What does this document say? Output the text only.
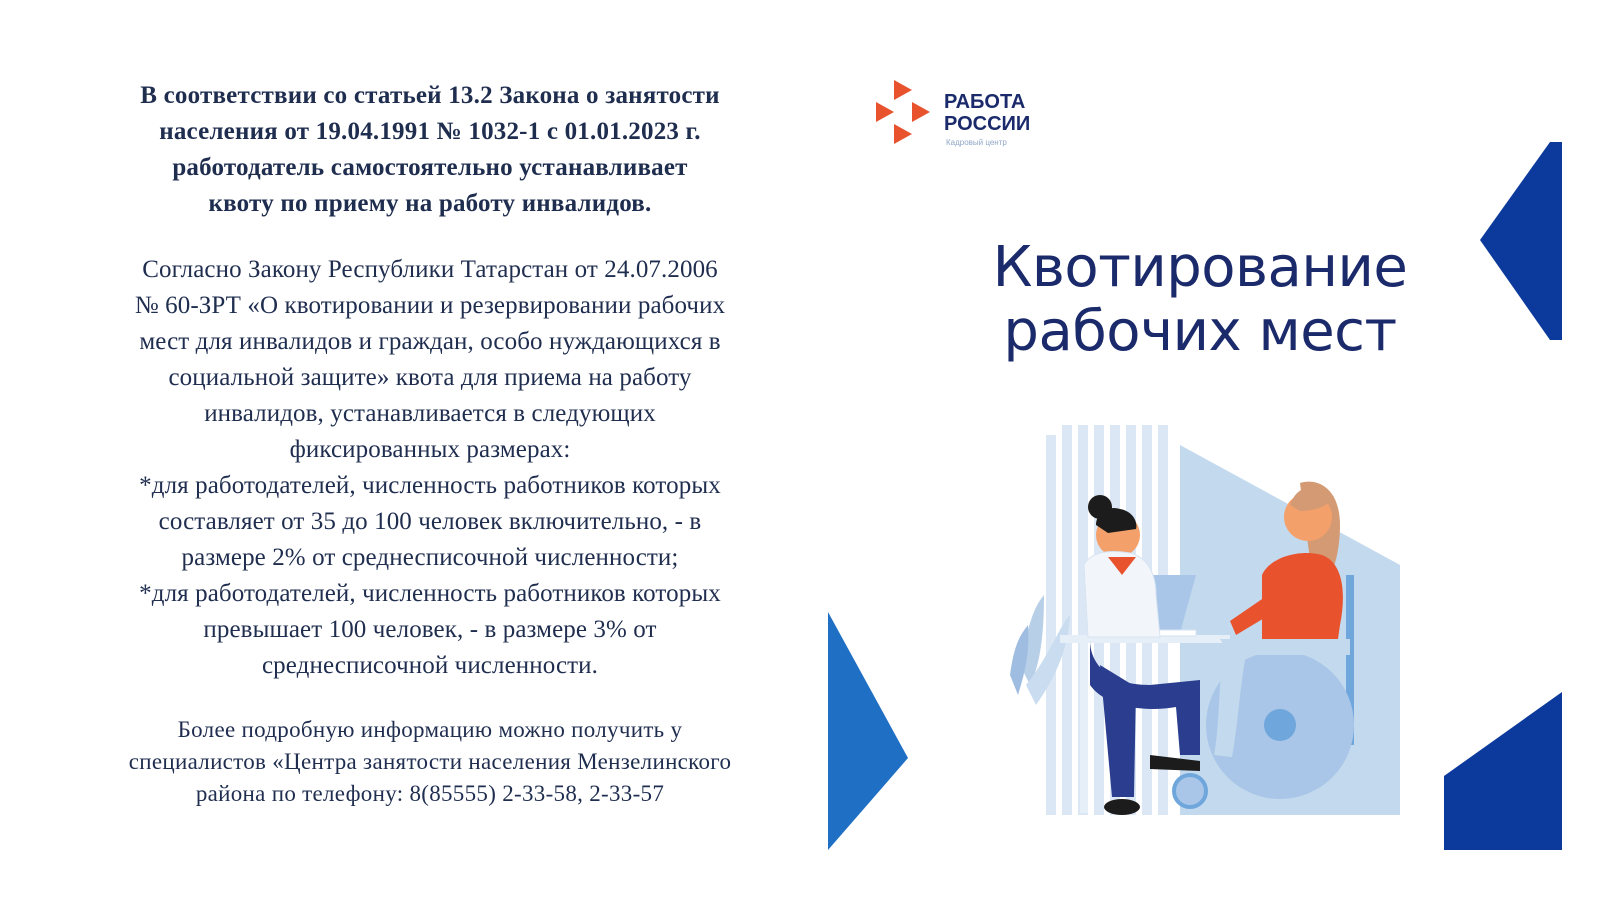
В соответствии со статьей 13.2 Закона о занятости
населения от 19.04.1991 № 1032-1 с 01.01.2023 г.
работодатель самостоятельно устанавливает
квоту по приему на работу инвалидов.
Согласно Закону Республики Татарстан от 24.07.2006
№ 60-ЗРТ «О квотировании и резервировании рабочих
мест для инвалидов и граждан, особо нуждающихся в
социальной защите» квота для приема на работу
инвалидов, устанавливается в следующих
фиксированных размерах:
*для работодателей, численность работников которых
составляет от 35 до 100 человек включительно, - в
размере 2% от среднесписочной численности;
*для работодателей, численность работников которых
превышает 100 человек, - в размере 3% от
среднесписочной численности.
Более подробную информацию можно получить у
специалистов «Центра занятости населения Мензелинского
района по телефону: 8(85555) 2-33-58, 2-33-57
РАБОТА
РОССИИ
Кадровый центр
Квотирование
рабочих мест
